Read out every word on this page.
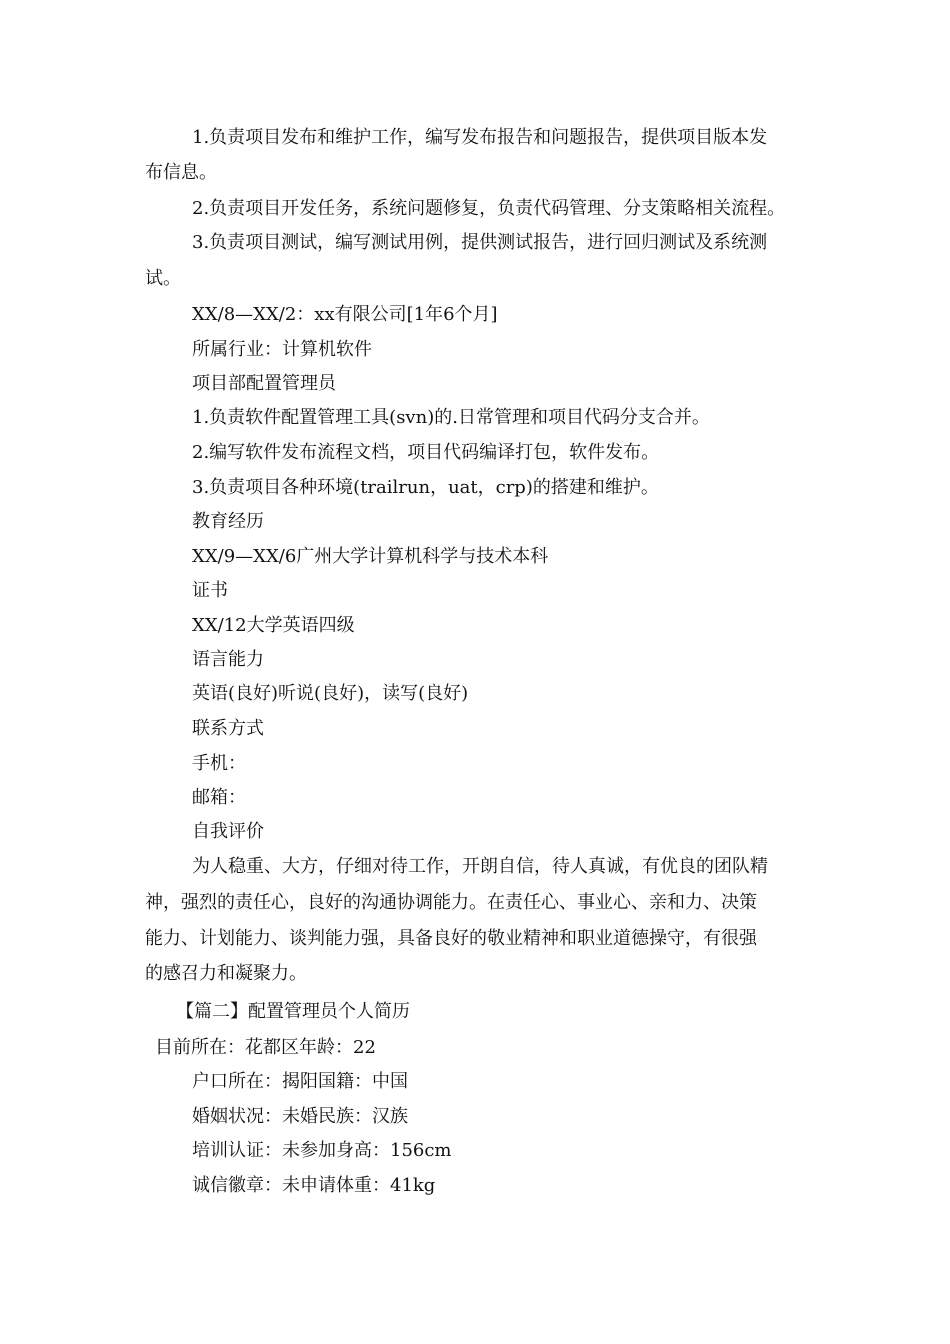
1.负责项目发布和维护工作，编写发布报告和问题报告，提供项目版本发
布信息。
2.负责项目开发任务，系统问题修复，负责代码管理、分支策略相关流程。
3.负责项目测试，编写测试用例，提供测试报告，进行回归测试及系统测
试。
XX/8—XX/2：xx有限公司[1年6个月]
所属行业：计算机软件
项目部配置管理员
1.负责软件配置管理工具(svn)的.日常管理和项目代码分支合并。
2.编写软件发布流程文档，项目代码编译打包，软件发布。
3.负责项目各种环境(trailrun，uat，crp)的搭建和维护。
教育经历
XX/9—XX/6广州大学计算机科学与技术本科
证书
XX/12大学英语四级
语言能力
英语(良好)听说(良好)，读写(良好)
联系方式
手机：
邮箱：
自我评价
为人稳重、大方，仔细对待工作，开朗自信，待人真诚，有优良的团队精
神，强烈的责任心，良好的沟通协调能力。在责任心、事业心、亲和力、决策
能力、计划能力、谈判能力强，具备良好的敬业精神和职业道德操守，有很强
的感召力和凝聚力。
【篇二】配置管理员个人简历
目前所在：花都区年龄：22
户口所在：揭阳国籍：中国
婚姻状况：未婚民族：汉族
培训认证：未参加身高：156cm
诚信徽章：未申请体重：41kg
